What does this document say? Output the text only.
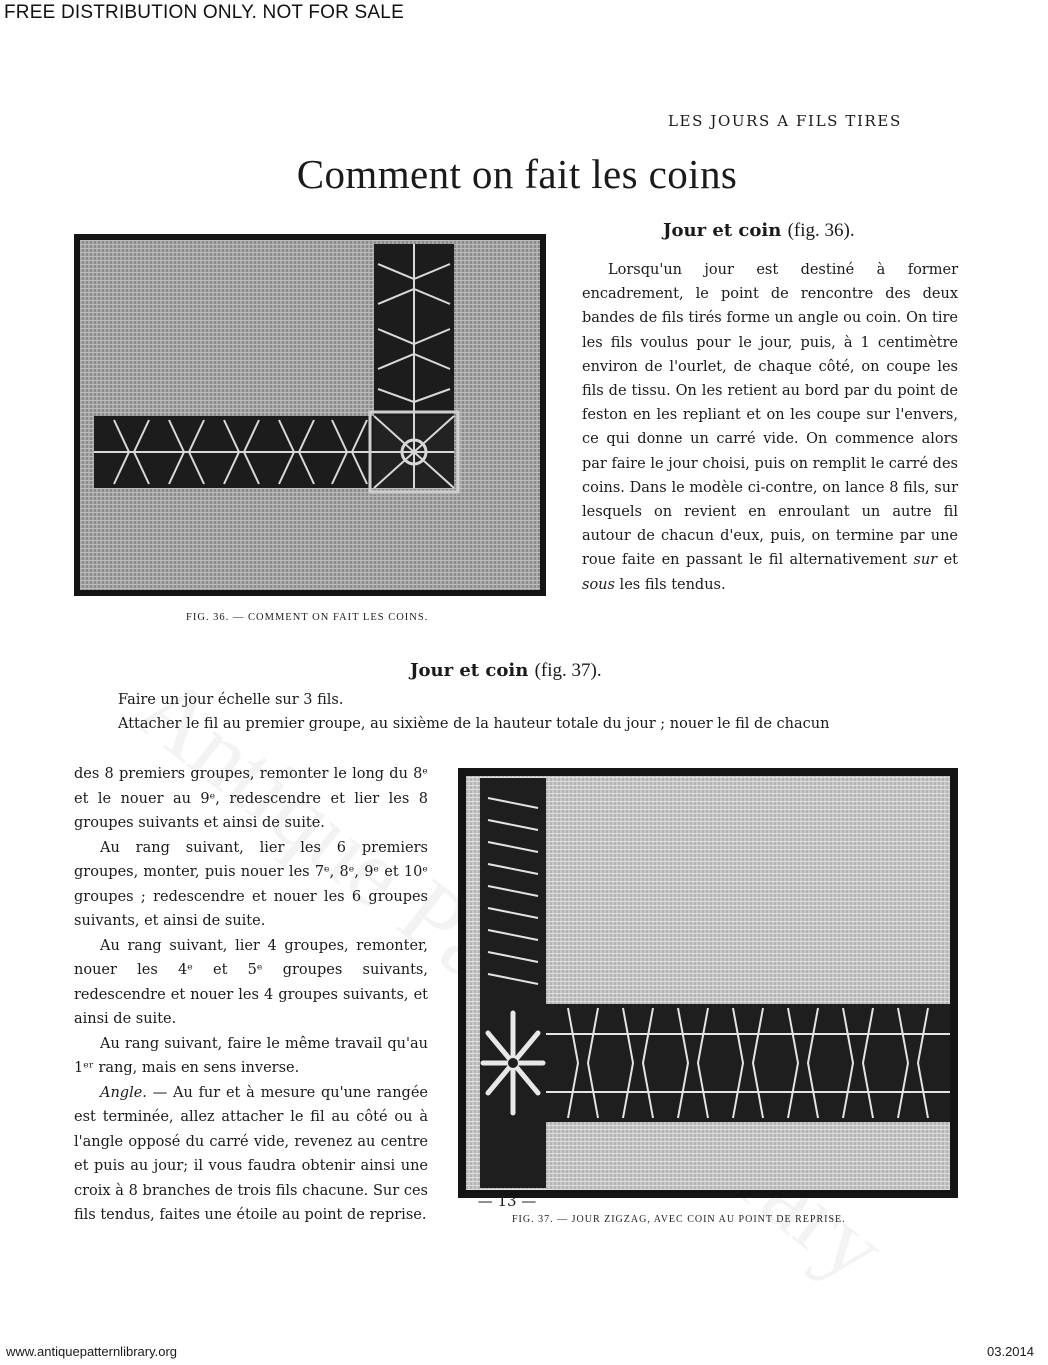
FREE DISTRIBUTION ONLY. NOT FOR SALE
LES JOURS A FILS TIRES
Comment on fait les coins
Jour et coin (fig. 36).
FIG. 36. — COMMENT ON FAIT LES COINS.

Lorsqu'un jour est destiné à former encadrement, le point de rencontre des deux bandes de fils tirés forme un angle ou coin. On tire les fils voulus pour le jour, puis, à 1 centimètre environ de l'ourlet, de chaque côté, on coupe les fils de tissu. On les retient au bord par du point de feston en les repliant et on les coupe sur l'envers, ce qui donne un carré vide. On commence alors par faire le jour choisi, puis on remplit le carré des coins. Dans le modèle ci-contre, on lance 8 fils, sur lesquels on revient en enroulant un autre fil autour de chacun d'eux, puis, on termine par une roue faite en passant le fil alternativement sur et sous les fils tendus.

Jour et coin (fig. 37).

Faire un jour échelle sur 3 fils.

Attacher le fil au premier groupe, au sixième de la hauteur totale du jour ; nouer le fil de chacun

FIG. 37. — JOUR ZIGZAG, AVEC COIN AU POINT DE REPRISE.

des 8 premiers groupes, remonter le long du 8ᵉ et le nouer au 9ᵉ, redescendre et lier les 8 groupes suivants et ainsi de suite.

Au rang suivant, lier les 6 premiers groupes, monter, puis nouer les 7ᵉ, 8ᵉ, 9ᵉ et 10ᵉ groupes ; redescendre et nouer les 6 groupes suivants, et ainsi de suite.

Au rang suivant, lier 4 groupes, remonter, nouer les 4ᵉ et 5ᵉ groupes suivants, redescendre et nouer les 4 groupes suivants, et ainsi de suite.

Au rang suivant, faire le même travail qu'au 1ᵉʳ rang, mais en sens inverse.

Angle. — Au fur et à mesure qu'une rangée est terminée, allez attacher le fil au côté ou à l'angle opposé du carré vide, revenez au centre et puis au jour; il vous faudra obtenir ainsi une croix à 8 branches de trois fils chacune. Sur ces fils tendus, faites une étoile au point de reprise.

— 13 —
www.antiquepatternlibrary.org	03.2014
